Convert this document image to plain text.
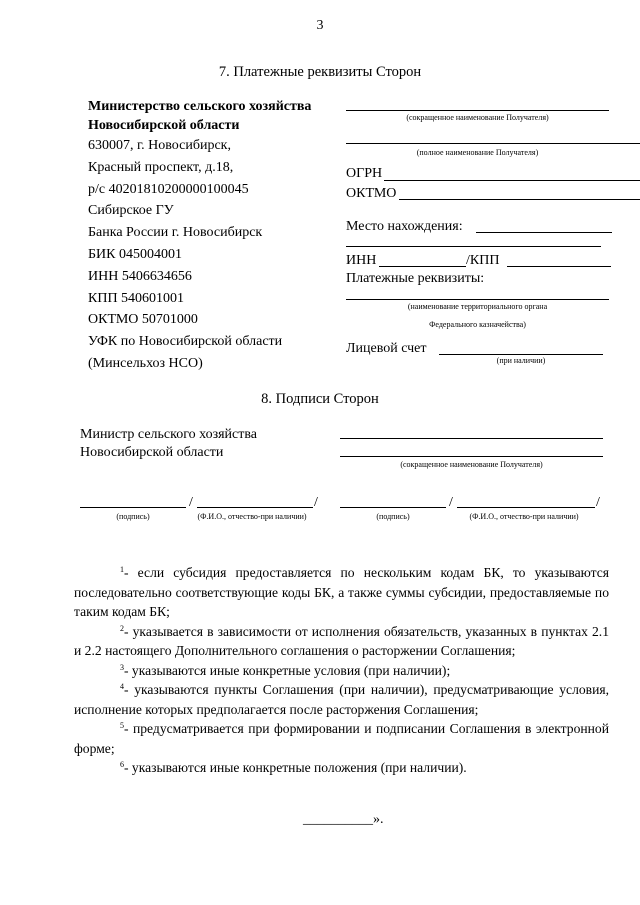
3
7. Платежные реквизиты Сторон
Министерство сельского хозяйства
Новосибирской области
630007, г. Новосибирск,
Красный проспект, д.18,
р/с 40201810200000100045
Сибирское ГУ
Банка России г. Новосибирск
БИК 045004001
ИНН 5406634656
КПП 540601001
ОКТМО 50701000
УФК по Новосибирской области
(Минсельхоз НСО)
(сокращенное наименование Получателя)
(полное наименование Получателя)
ОГРН
ОКТМО
Место нахождения:
ИНН	/КПП
Платежные реквизиты:
(наименование территориального органа
Федерального казначейства)
Лицевой счет
(при наличии)
8. Подписи Сторон
Министр сельского хозяйства
Новосибирской области
(сокращенное наименование Получателя)
/	/
(подпись)	(Ф.И.О., отчество-при наличии)
/	/
(подпись)	(Ф.И.О., отчество-при наличии)
$^1$- если субсидия предоставляется по нескольким кодам БК, то указываются последовательно соответствующие коды БК, а также суммы субсидии, предоставляемые по таким кодам БК;
$^2$- указывается в зависимости от исполнения обязательств, указанных в пунктах 2.1 и 2.2 настоящего Дополнительного соглашения о расторжении Соглашения;
$^3$- указываются иные конкретные условия (при наличии);
$^4$- указываются пункты Соглашения (при наличии), предусматривающие условия, исполнение которых предполагается после расторжения Соглашения;
$^5$- предусматривается при формировании и подписании Соглашения в электронной форме;
$^6$- указываются иные конкретные положения (при наличии).
__________».
